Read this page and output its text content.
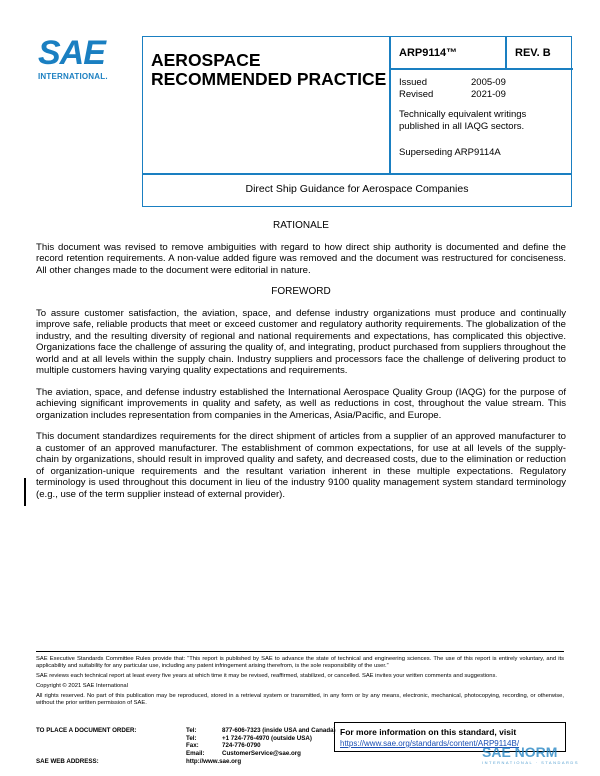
SAE
INTERNATIONAL.
AEROSPACE RECOMMENDED PRACTICE
ARP9114™	REV. B
Issued	2005-09
Revised	2021-09
Technically equivalent writings published in all IAQG sectors.
Superseding ARP9114A
Direct Ship Guidance for Aerospace Companies
RATIONALE

This document was revised to remove ambiguities with regard to how direct ship authority is documented and define the record retention requirements. A non-value added figure was removed and the document was restructured for conciseness. All other changes made to the document were editorial in nature.

FOREWORD

To assure customer satisfaction, the aviation, space, and defense industry organizations must produce and continually improve safe, reliable products that meet or exceed customer and regulatory authority requirements. The globalization of the industry, and the resulting diversity of regional and national requirements and expectations, has complicated this objective. Organizations face the challenge of assuring the quality of, and integrating, product purchased from suppliers throughout the world and at all levels within the supply chain. Industry suppliers and processors face the challenge of delivering product to multiple customers having varying quality expectations and requirements.

The aviation, space, and defense industry established the International Aerospace Quality Group (IAQG) for the purpose of achieving significant improvements in quality and safety, as well as reductions in cost, throughout the value stream. This organization includes representation from companies in the Americas, Asia/Pacific, and Europe.

This document standardizes requirements for the direct shipment of articles from a supplier of an approved manufacturer to a customer of an approved manufacturer. The establishment of common expectations, for use at all levels of the supply-chain by organizations, should result in improved quality and safety, and decreased costs, due to the elimination or reduction of organization-unique requirements and the resultant variation inherent in these multiple expectations. Regulatory terminology is used throughout this document in lieu of the industry 9100 quality management system standard terminology (e.g., use of the term supplier instead of external provider).

SAE Executive Standards Committee Rules provide that: “This report is published by SAE to advance the state of technical and engineering sciences. The use of this report is entirely voluntary, and its applicability and suitability for any particular use, including any patent infringement arising therefrom, is the sole responsibility of the user.”

SAE reviews each technical report at least every five years at which time it may be revised, reaffirmed, stabilized, or cancelled. SAE invites your written comments and suggestions.

Copyright © 2021 SAE International

All rights reserved. No part of this publication may be reproduced, stored in a retrieval system or transmitted, in any form or by any means, electronic, mechanical, photocopying, recording, or otherwise, without the prior written permission of SAE.

TO PLACE A DOCUMENT ORDER:	Tel:	877-606-7323 (inside USA and Canada)
Tel:	+1 724-776-4970 (outside USA)
Fax:	724-776-0790
Email:	CustomerService@sae.org
SAE WEB ADDRESS:	http://www.sae.org
For more information on this standard, visit
https://www.sae.org/standards/content/ARP9114B/
SAE NORM
INTERNATIONAL · STANDARDS
